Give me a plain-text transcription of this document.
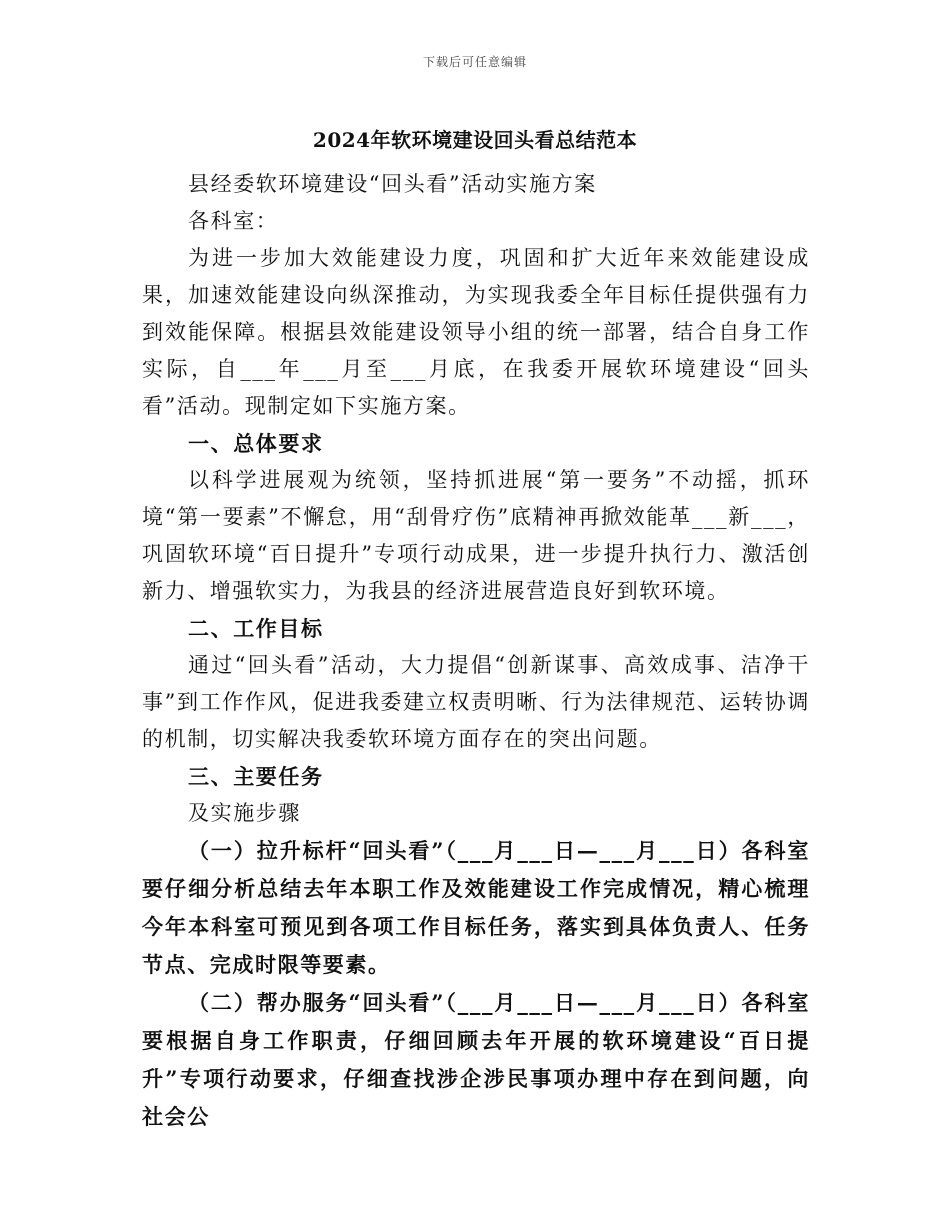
下载后可任意编辑
2024年软环境建设回头看总结范本

县经委软环境建设“回头看”活动实施方案

各科室：

为进一步加大效能建设力度，巩固和扩大近年来效能建设成果，加速效能建设向纵深推动，为实现我委全年目标任提供强有力到效能保障。根据县效能建设领导小组的统一部署，结合自身工作实际，自___年___月至___月底，在我委开展软环境建设“回头看”活动。现制定如下实施方案。

一、总体要求

以科学进展观为统领，坚持抓进展“第一要务”不动摇，抓环境“第一要素”不懈怠，用“刮骨疗伤”底精神再掀效能革___新___，巩固软环境“百日提升”专项行动成果，进一步提升执行力、激活创新力、增强软实力，为我县的经济进展营造良好到软环境。

二、工作目标

通过“回头看”活动，大力提倡“创新谋事、高效成事、洁净干事”到工作作风，促进我委建立权责明晰、行为法律规范、运转协调的机制，切实解决我委软环境方面存在的突出问题。

三、主要任务

及实施步骤

（一）拉升标杆“回头看”（___月___日—___月___日）各科室要仔细分析总结去年本职工作及效能建设工作完成情况，精心梳理今年本科室可预见到各项工作目标任务，落实到具体负责人、任务节点、完成时限等要素。

（二）帮办服务“回头看”（___月___日—___月___日）各科室要根据自身工作职责，仔细回顾去年开展的软环境建设“百日提升”专项行动要求，仔细查找涉企涉民事项办理中存在到问题，向社会公
